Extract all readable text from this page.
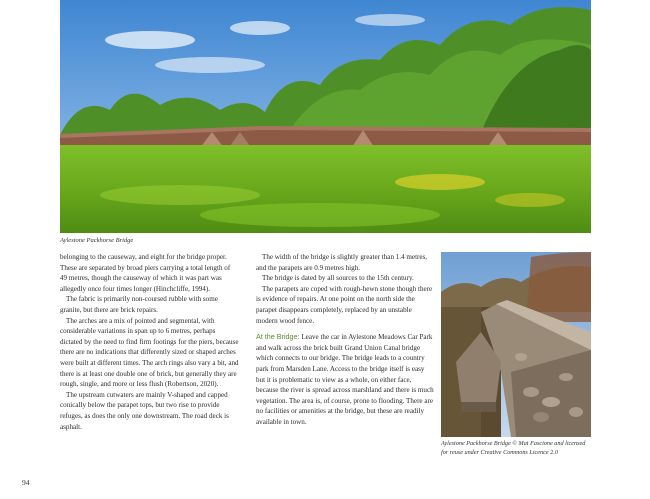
Aylestone Packhorse Bridge

belonging to the causeway, and eight for the bridge proper. These are separated by broad piers carrying a total length of 49 metres, though the causeway of which it was part was allegedly once four times longer (Hinchcliffe, 1994).

The fabric is primarily non-coursed rubble with some granite, but there are brick repairs.

The arches are a mix of pointed and segmental, with considerable variations in span up to 6 metres, perhaps dictated by the need to find firm footings for the piers, because there are no indications that differently sized or shaped arches were built at different times. The arch rings also vary a bit, and there is at least one double one of brick, but generally they are rough, single, and more or less flush (Robertson, 2020).

The upstream cutwaters are mainly V-shaped and capped conically below the parapet tops, but two rise to provide refuges, as does the only one downstream. The road deck is asphalt.

The width of the bridge is slightly greater than 1.4 metres, and the parapets are 0.9 metres high.

The bridge is dated by all sources to the 15th century.

The parapets are coped with rough-hewn stone though there is evidence of repairs. At one point on the north side the parapet disappears completely, replaced by an unstable modern wood fence.

At the Bridge: Leave the car in Aylestone Meadows Car Park and walk across the brick built Grand Union Canal bridge which connects to our bridge. The bridge leads to a country park from Marsden Lane. Access to the bridge itself is easy but it is problematic to view as a whole, on either face, because the river is spread across marshland and there is much vegetation. The area is, of course, prone to flooding. There are no facilities or amenities at the bridge, but these are readily available in town.

Aylestone Packhorse Bridge © Mat Fascione and licensed for reuse under Creative Commons Licence 2.0
94
